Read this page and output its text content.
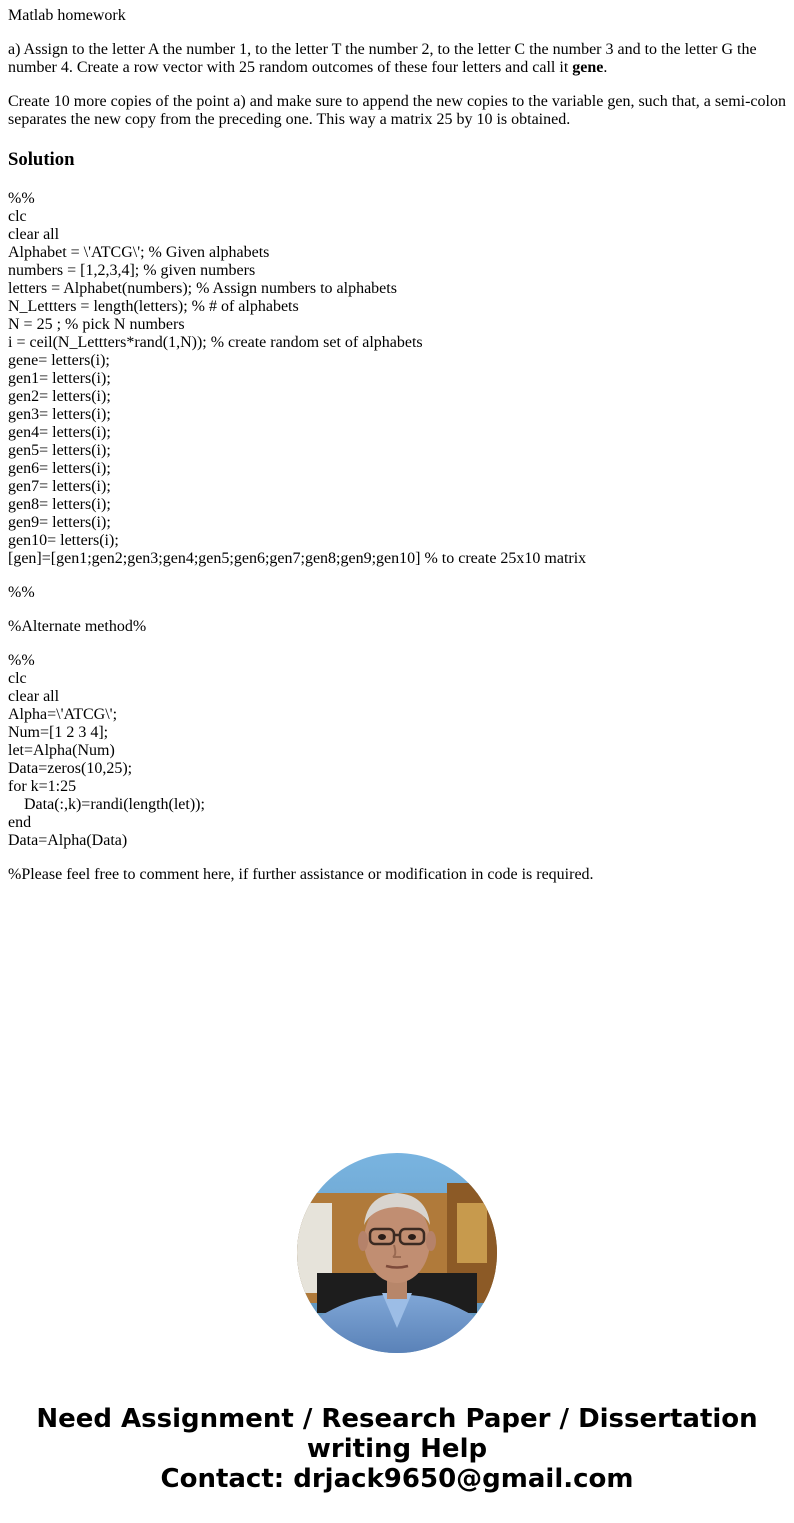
Matlab homework

a) Assign to the letter A the number 1, to the letter T the number 2, to the letter C the number 3 and to the letter G the number 4. Create a row vector with 25 random outcomes of these four letters and call it gene.

Create 10 more copies of the point a) and make sure to append the new copies to the variable gen, such that, a semi-colon separates the new copy from the preceding one. This way a matrix 25 by 10 is obtained.

Solution
%%
clc
clear all
Alphabet = \'ATCG\'; % Given alphabets
numbers = [1,2,3,4]; % given numbers
letters = Alphabet(numbers); % Assign numbers to alphabets
N_Lettters = length(letters); % # of alphabets
N = 25 ; % pick N numbers
i = ceil(N_Lettters*rand(1,N)); % create random set of alphabets
gene= letters(i);
gen1= letters(i);
gen2= letters(i);
gen3= letters(i);
gen4= letters(i);
gen5= letters(i);
gen6= letters(i);
gen7= letters(i);
gen8= letters(i);
gen9= letters(i);
gen10= letters(i);
[gen]=[gen1;gen2;gen3;gen4;gen5;gen6;gen7;gen8;gen9;gen10] % to create 25x10 matrix
%%
%Alternate method%
%%
clc
clear all
Alpha=\'ATCG\';
Num=[1 2 3 4];
let=Alpha(Num)
Data=zeros(10,25);
for k=1:25
Data(:,k)=randi(length(let));
end
Data=Alpha(Data)
%Please feel free to comment here, if further assistance or modification in code is required.
Need Assignment / Research Paper / Dissertation
writing Help
Contact: drjack9650@gmail.com
